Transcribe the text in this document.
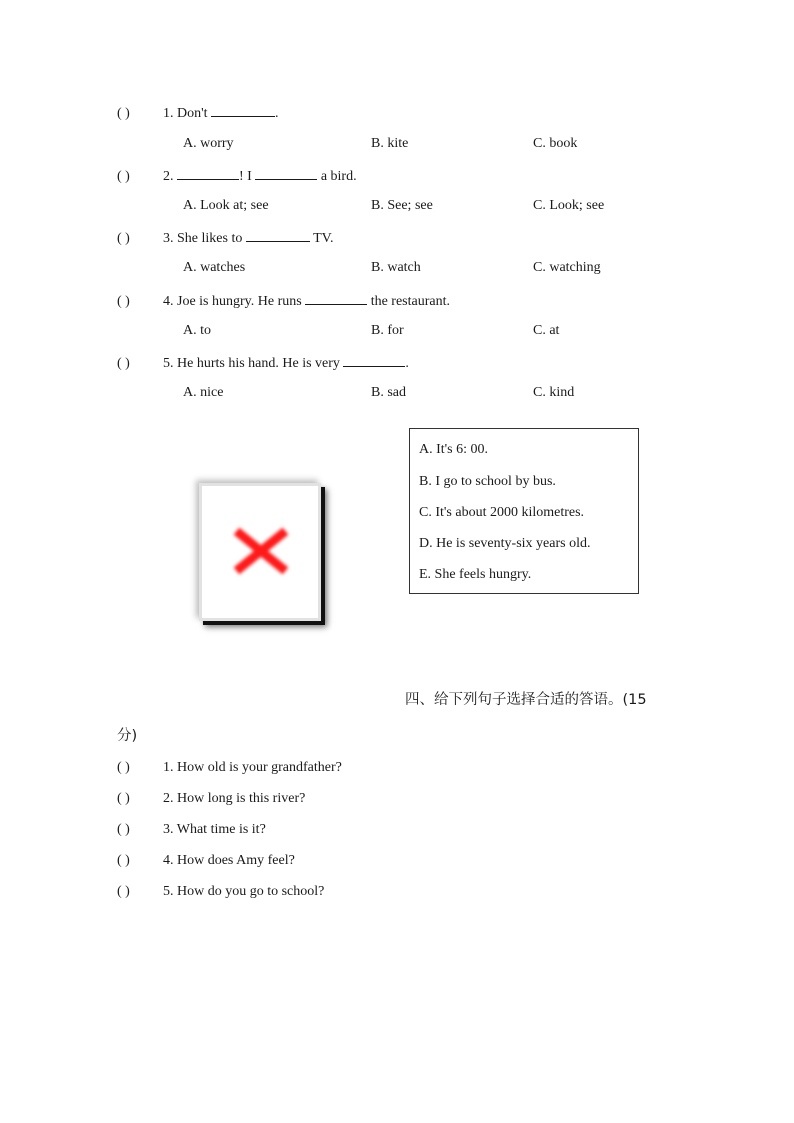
( ) 1. Don't	.
A. worry	B. kite	C. book
( ) 2.	! I	a bird.
A. Look at; see	B. See; see	C. Look; see
( ) 3. She likes to	TV.
A. watches	B. watch	C. watching
( ) 4. Joe is hungry. He runs	the restaurant.
A. to	B. for	C. at
( ) 5. He hurts his hand. He is very	.
A. nice	B. sad	C. kind
A. It's 6: 00.
B. I go to school by bus.
C. It's about 2000 kilometres.
D. He is seventy-six years old.
E. She feels hungry.
四、给下列句子选择合适的答语。(15
分)
( ) 1. How old is your grandfather?
( ) 2. How long is this river?
( ) 3. What time is it?
( ) 4. How does Amy feel?
( ) 5. How do you go to school?
